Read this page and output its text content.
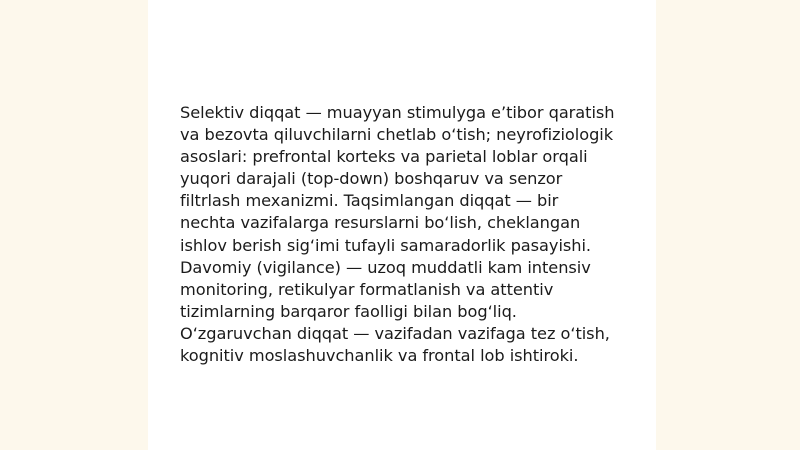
Selektiv diqqat — muayyan stimulyga e’tibor qaratish
va bezovta qiluvchilarni chetlab o‘tish; neyrofiziologik
asoslari: prefrontal korteks va parietal loblar orqali
yuqori darajali (top-down) boshqaruv va senzor
filtrlash mexanizmi. Taqsimlangan diqqat — bir
nechta vazifalarga resurslarni bo‘lish, cheklangan
ishlov berish sig‘imi tufayli samaradorlik pasayishi.
Davomiy (vigilance) — uzoq muddatli kam intensiv
monitoring, retikulyar formatlanish va attentiv
tizimlarning barqaror faolligi bilan bog‘liq.
O‘zgaruvchan diqqat — vazifadan vazifaga tez o‘tish,
kognitiv moslashuvchanlik va frontal lob ishtiroki.
